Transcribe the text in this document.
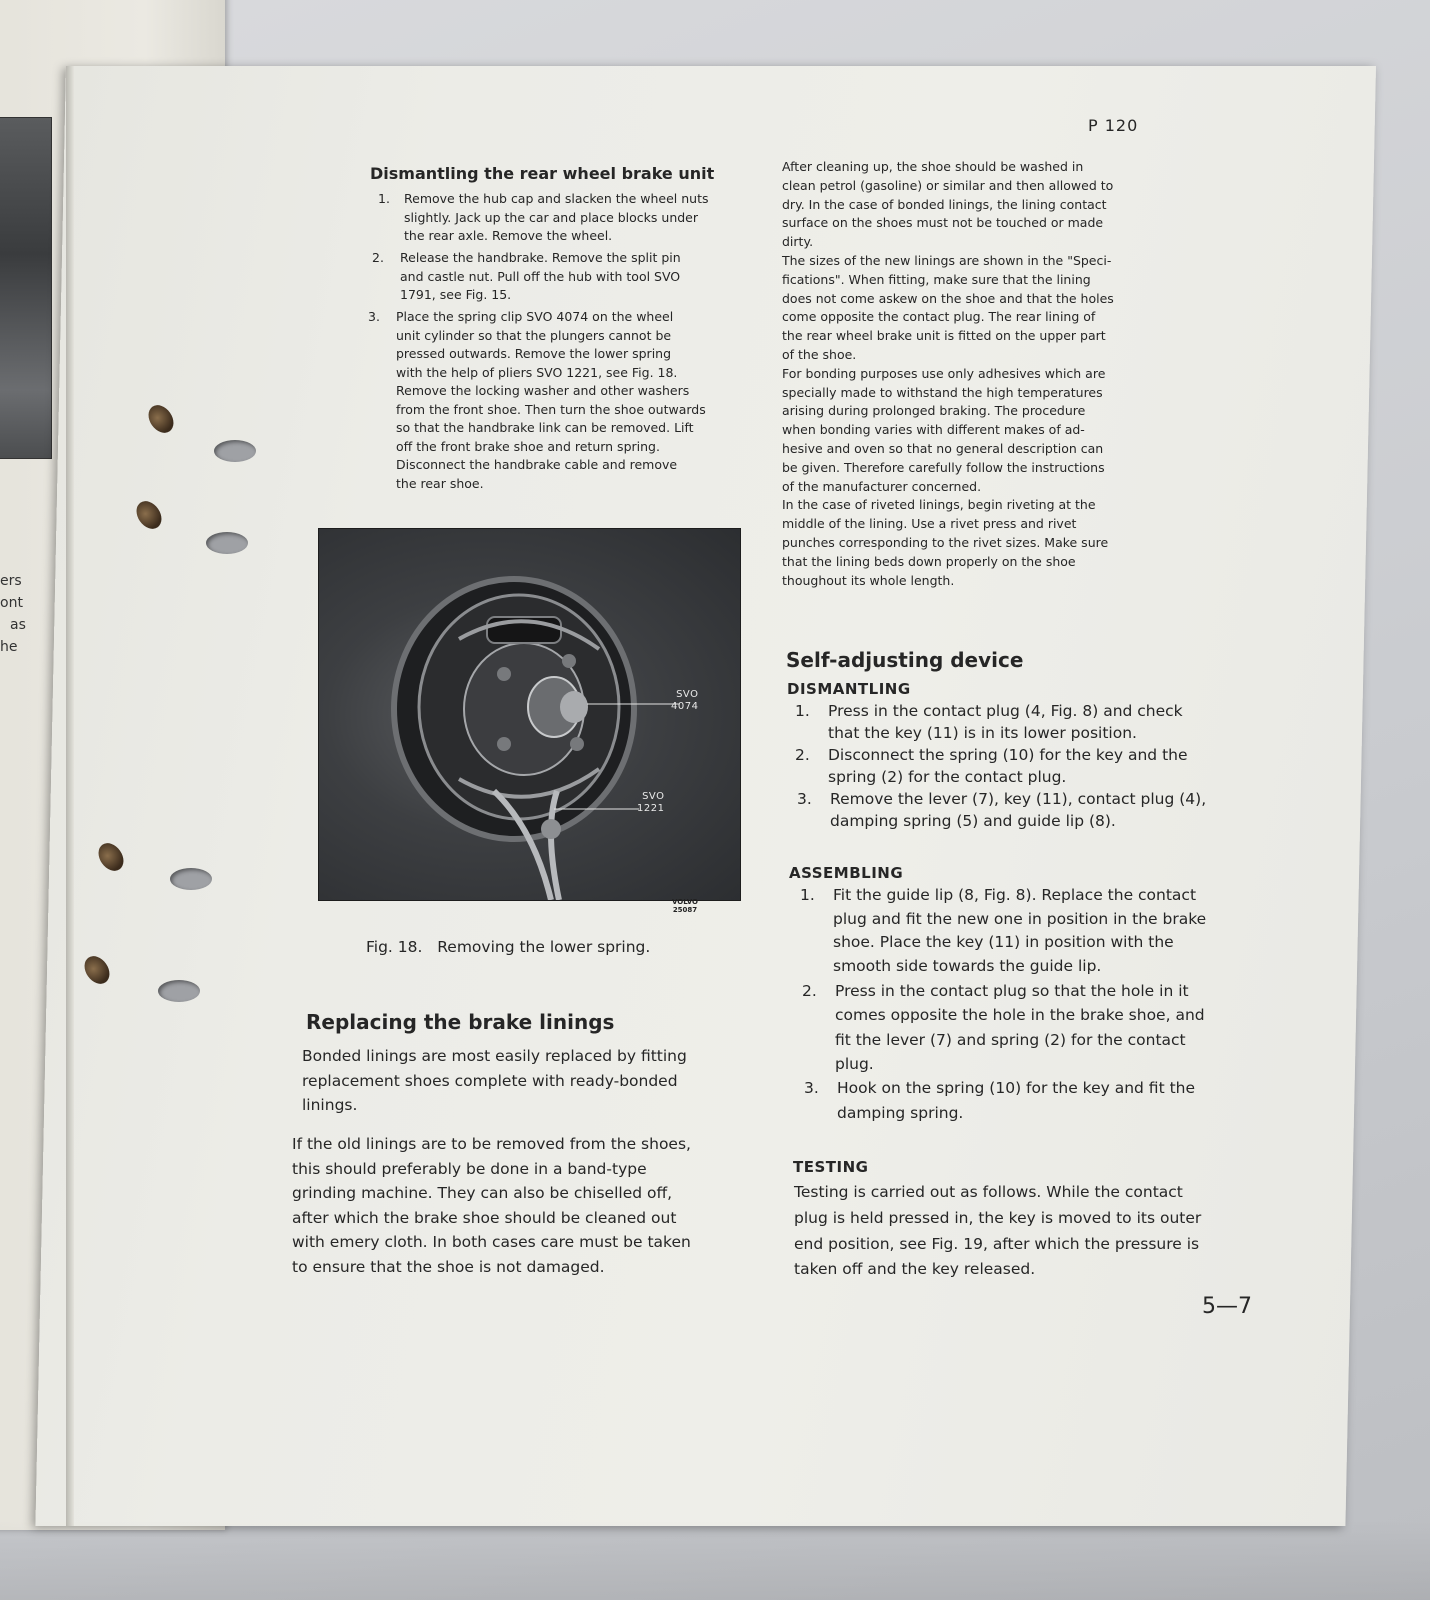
ers
ont
as
he
P 120
Dismantling the rear wheel brake unit
1. Remove the hub cap and slacken the wheel nuts
slightly. Jack up the car and place blocks under
the rear axle. Remove the wheel.
2. Release the handbrake. Remove the split pin
and castle nut. Pull off the hub with tool SVO
1791, see Fig. 15.
3. Place the spring clip SVO 4074 on the wheel
unit cylinder so that the plungers cannot be
pressed outwards. Remove the lower spring
with the help of pliers SVO 1221, see Fig. 18.
Remove the locking washer and other washers
from the front shoe. Then turn the shoe outwards
so that the handbrake link can be removed. Lift
off the front brake shoe and return spring.
Disconnect the handbrake cable and remove
the rear shoe.
SVO
4074
SVO
1221
VOLVO
25087
Fig. 18.   Removing the lower spring.
Replacing the brake linings
Bonded linings are most easily replaced by fitting
replacement shoes complete with ready-bonded
linings.
If the old linings are to be removed from the shoes,
this should preferably be done in a band-type
grinding machine. They can also be chiselled off,
after which the brake shoe should be cleaned out
with emery cloth. In both cases care must be taken
to ensure that the shoe is not damaged.
After cleaning up, the shoe should be washed in
clean petrol (gasoline) or similar and then allowed to
dry. In the case of bonded linings, the lining contact
surface on the shoes must not be touched or made
dirty.
The sizes of the new linings are shown in the "Speci-
fications". When fitting, make sure that the lining
does not come askew on the shoe and that the holes
come opposite the contact plug. The rear lining of
the rear wheel brake unit is fitted on the upper part
of the shoe.
For bonding purposes use only adhesives which are
specially made to withstand the high temperatures
arising during prolonged braking. The procedure
when bonding varies with different makes of ad-
hesive and oven so that no general description can
be given. Therefore carefully follow the instructions
of the manufacturer concerned.
In the case of riveted linings, begin riveting at the
middle of the lining. Use a rivet press and rivet
punches corresponding to the rivet sizes. Make sure
that the lining beds down properly on the shoe
thoughout its whole length.
Self-adjusting device
DISMANTLING
1. Press in the contact plug (4, Fig. 8) and check
that the key (11) is in its lower position.
2. Disconnect the spring (10) for the key and the
spring (2) for the contact plug.
3. Remove the lever (7), key (11), contact plug (4),
damping spring (5) and guide lip (8).
ASSEMBLING
1. Fit the guide lip (8, Fig. 8). Replace the contact
plug and fit the new one in position in the brake
shoe. Place the key (11) in position with the
smooth side towards the guide lip.
2. Press in the contact plug so that the hole in it
comes opposite the hole in the brake shoe, and
fit the lever (7) and spring (2) for the contact
plug.
3. Hook on the spring (10) for the key and fit the
damping spring.
TESTING
Testing is carried out as follows. While the contact
plug is held pressed in, the key is moved to its outer
end position, see Fig. 19, after which the pressure is
taken off and the key released.
5—7
